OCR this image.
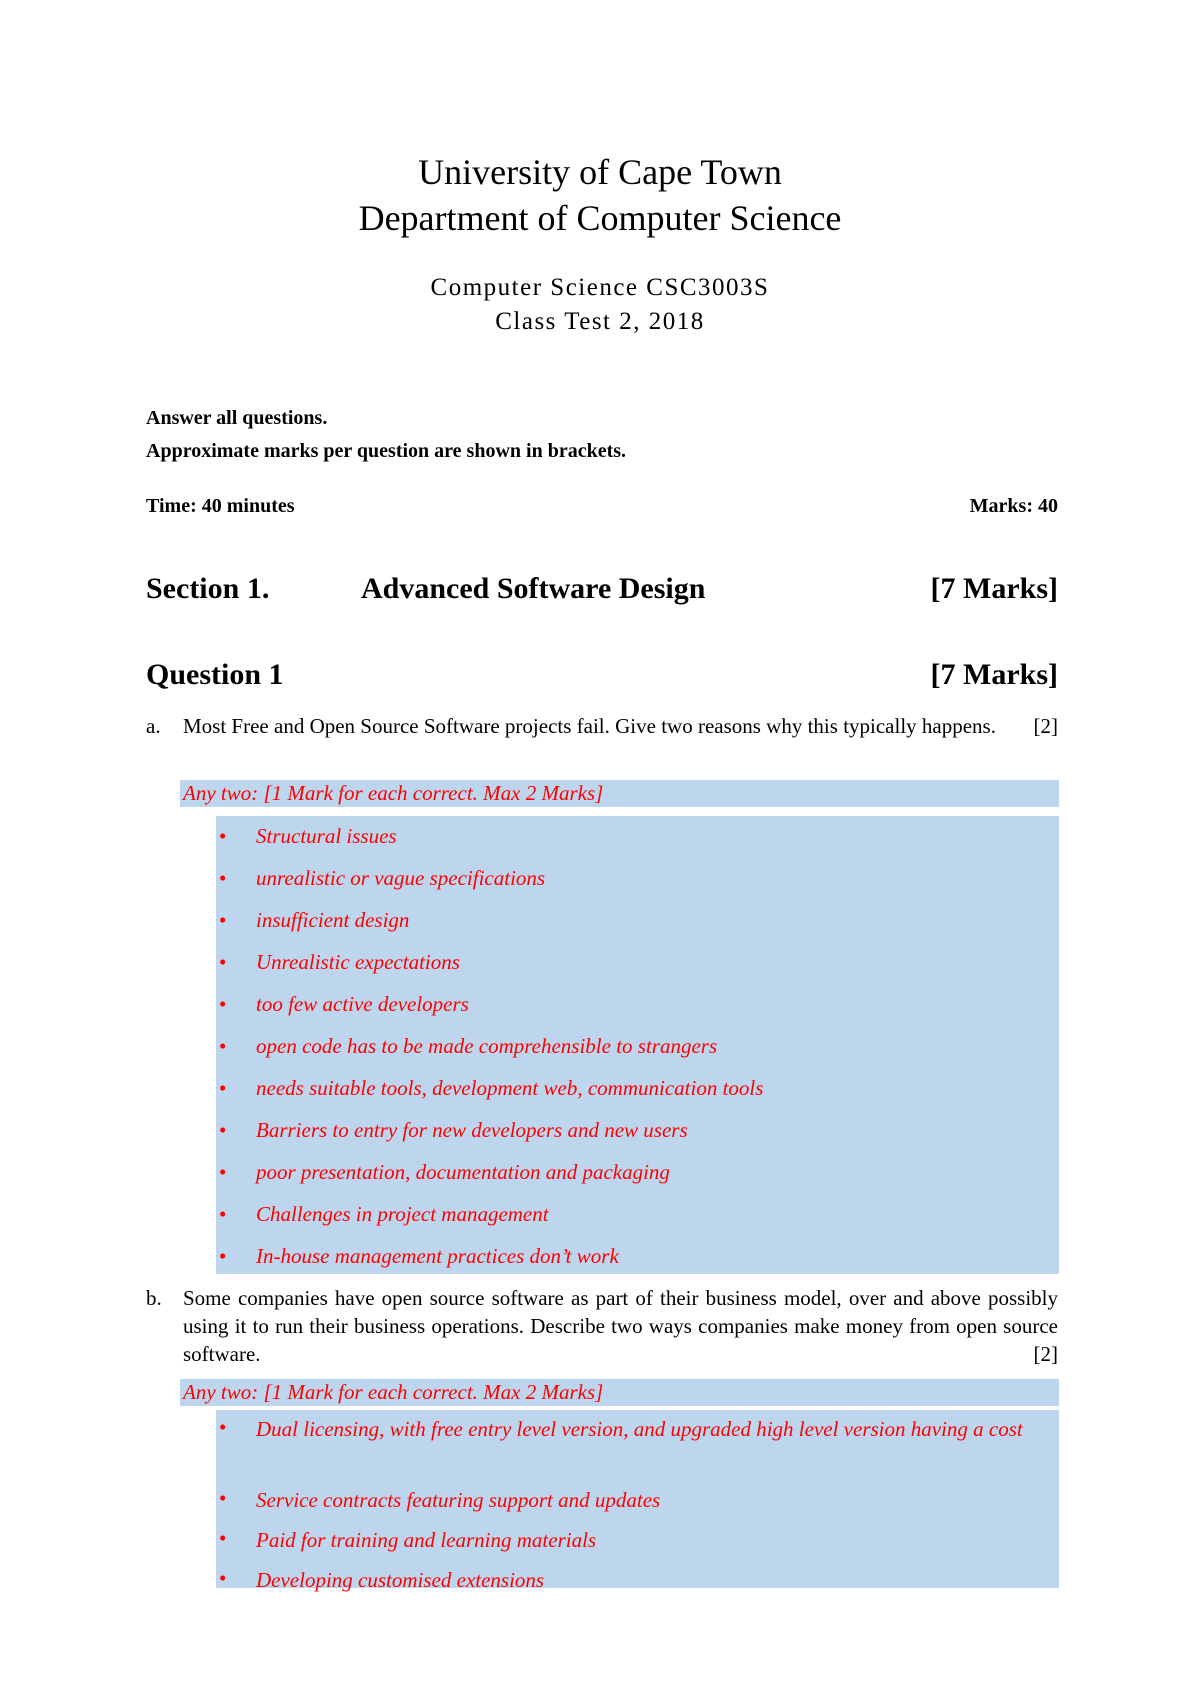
University of Cape Town
Department of Computer Science
Computer Science CSC3003S
Class Test 2, 2018
Answer all questions.
Approximate marks per question are shown in brackets.
Time: 40 minutes	Marks: 40
Section 1.	Advanced Software Design	[7 Marks]
Question 1	[7 Marks]
a. Most Free and Open Source Software projects fail. Give two reasons why this typically happens. [2]
Any two: [1 Mark for each correct. Max 2 Marks]
• Structural issues
• unrealistic or vague specifications
• insufficient design
• Unrealistic expectations
• too few active developers
• open code has to be made comprehensible to strangers
• needs suitable tools, development web, communication tools
• Barriers to entry for new developers and new users
• poor presentation, documentation and packaging
• Challenges in project management
• In-house management practices don’t work
b. Some companies have open source software as part of their business model, over and above possibly using it to run their business operations. Describe two ways companies make money from open source software.	[2]
Any two: [1 Mark for each correct. Max 2 Marks]
• Dual licensing, with free entry level version, and upgraded high level version having a cost
• Service contracts featuring support and updates
• Paid for training and learning materials
• Developing customised extensions
